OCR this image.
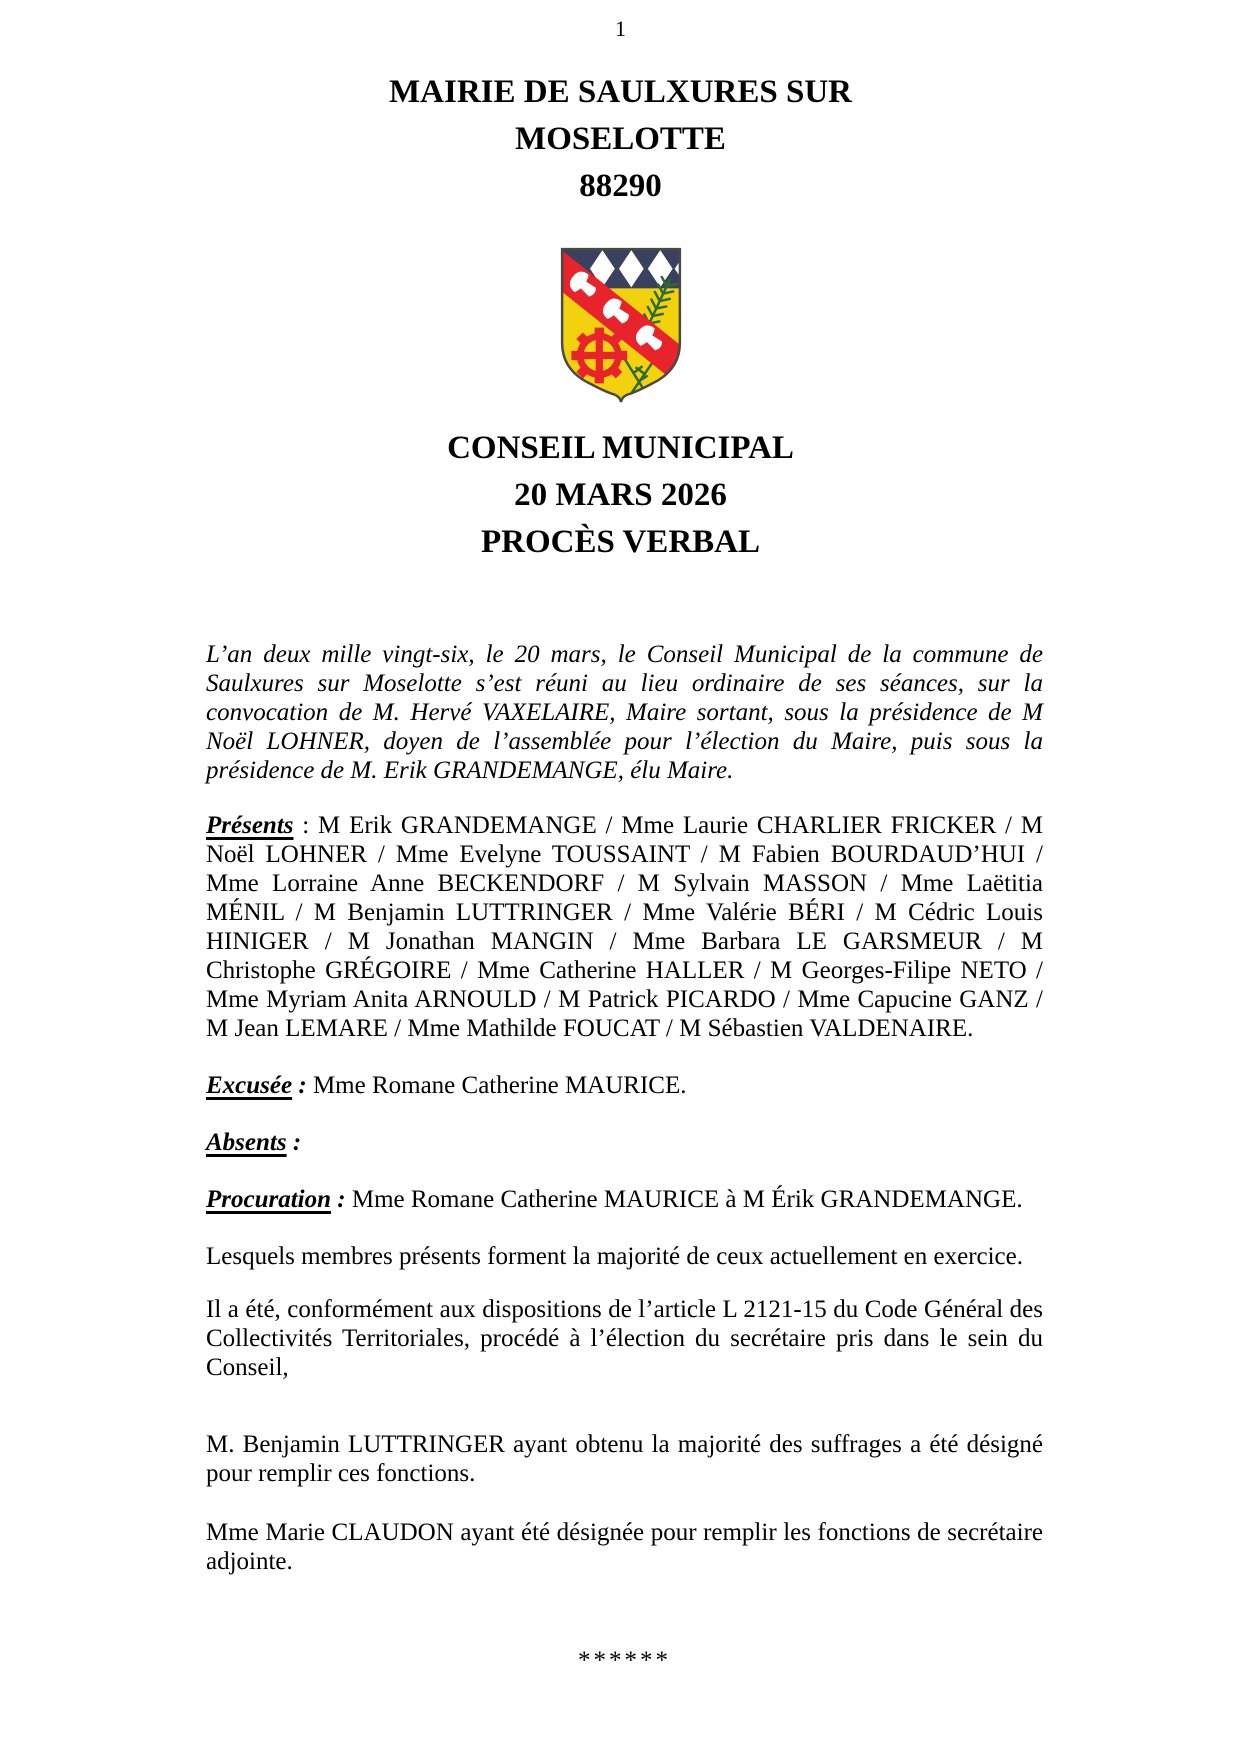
1
MAIRIE DE SAULXURES SUR
MOSELOTTE
88290
CONSEIL MUNICIPAL
20 MARS 2026
PROCÈS VERBAL

L’an deux mille vingt-six, le 20 mars, le Conseil Municipal de la commune de Saulxures sur Moselotte s’est réuni au lieu ordinaire de ses séances, sur la convocation de M. Hervé VAXELAIRE, Maire sortant, sous la présidence de M Noël LOHNER, doyen de l’assemblée pour l’élection du Maire, puis sous la présidence de M. Erik GRANDEMANGE, élu Maire.

Présents : M Erik GRANDEMANGE / Mme Laurie CHARLIER FRICKER / M Noël LOHNER / Mme Evelyne TOUSSAINT / M Fabien BOURDAUD’HUI / Mme Lorraine Anne BECKENDORF / M Sylvain MASSON / Mme Laëtitia MÉNIL / M Benjamin LUTTRINGER / Mme Valérie BÉRI / M Cédric Louis HINIGER / M Jonathan MANGIN / Mme Barbara LE GARSMEUR / M Christophe GRÉGOIRE / Mme Catherine HALLER / M Georges-Filipe NETO / Mme Myriam Anita ARNOULD / M Patrick PICARDO / Mme Capucine GANZ / M Jean LEMARE / Mme Mathilde FOUCAT / M Sébastien VALDENAIRE.

Excusée : Mme Romane Catherine MAURICE.

Absents :

Procuration : Mme Romane Catherine MAURICE à M Érik GRANDEMANGE.

Lesquels membres présents forment la majorité de ceux actuellement en exercice.

Il a été, conformément aux dispositions de l’article L 2121-15 du Code Général des Collectivités Territoriales, procédé à l’élection du secrétaire pris dans le sein du Conseil,

M. Benjamin LUTTRINGER ayant obtenu la majorité des suffrages a été désigné pour remplir ces fonctions.

Mme Marie CLAUDON ayant été désignée pour remplir les fonctions de secrétaire adjointe.

******
